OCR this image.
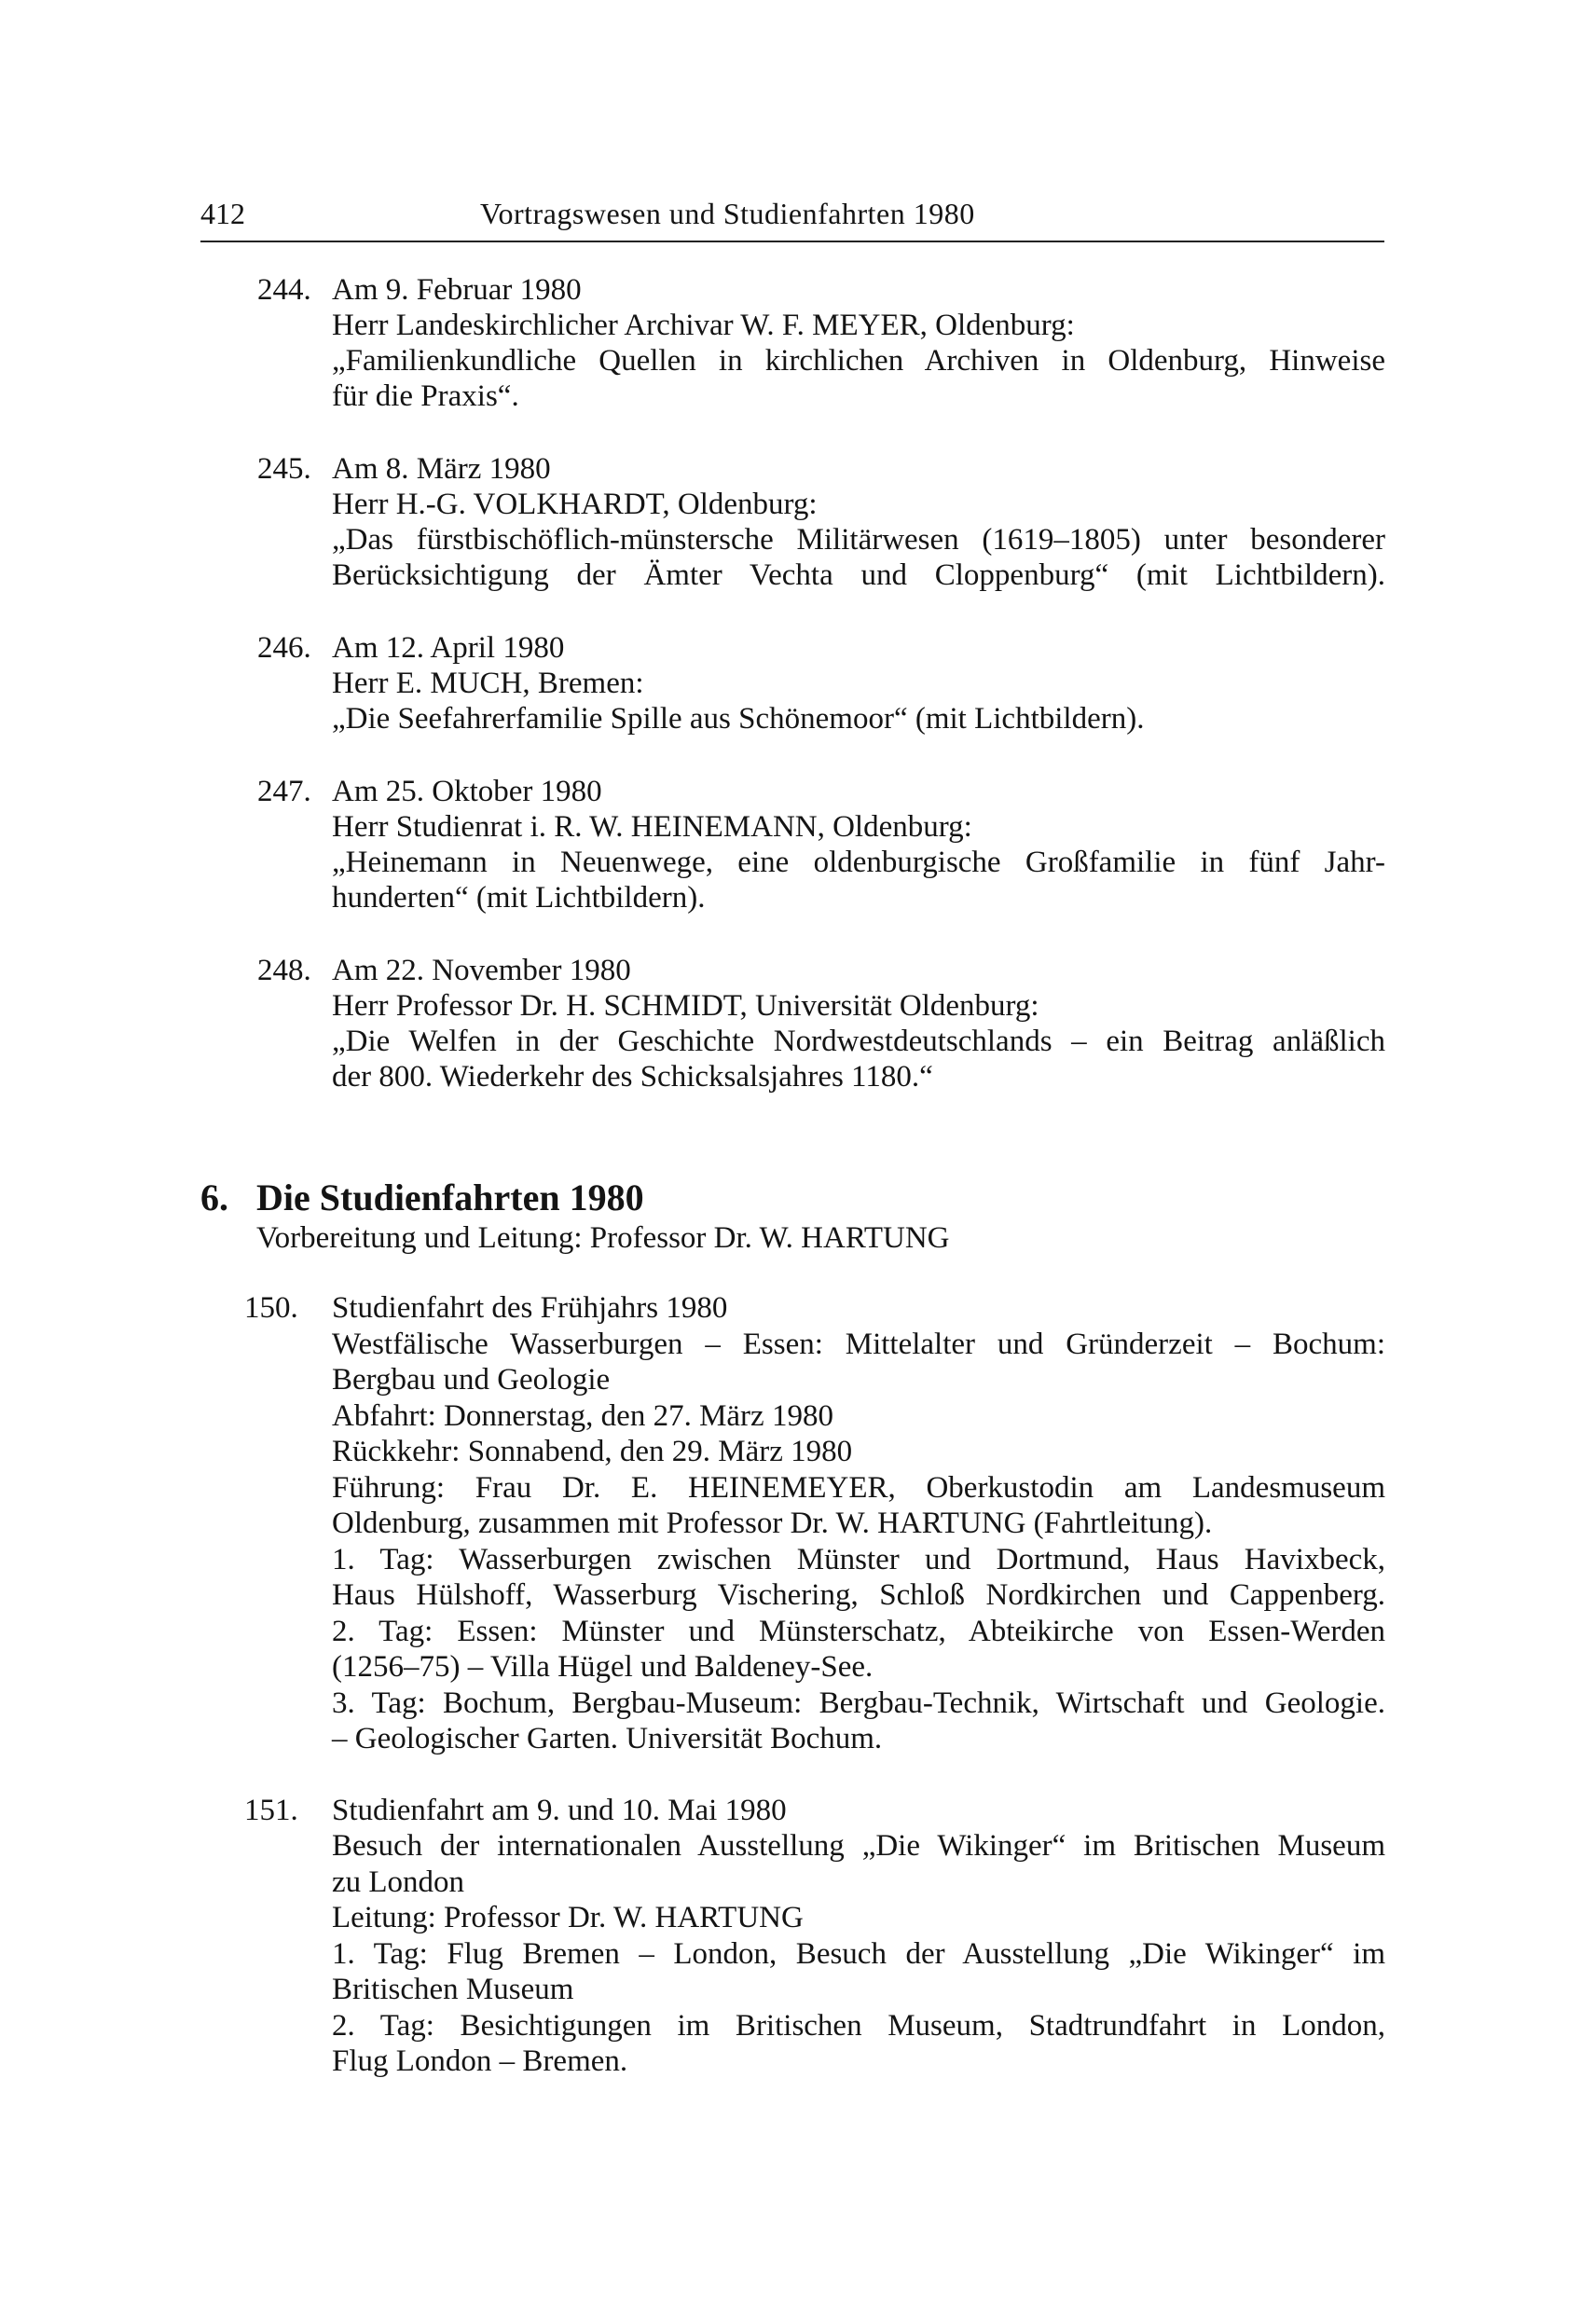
412	Vortragswesen und Studienfahrten 1980
244. Am 9. Februar 1980
Herr Landeskirchlicher Archivar W. F. MEYER, Oldenburg:
„Familienkundliche Quellen in kirchlichen Archiven in Oldenburg, Hinweise
für die Praxis“.
245. Am 8. März 1980
Herr H.-G. VOLKHARDT, Oldenburg:
„Das fürstbischöflich-münstersche Militärwesen (1619–1805) unter besonderer
Berücksichtigung der Ämter Vechta und Cloppenburg“ (mit Lichtbildern).
246. Am 12. April 1980
Herr E. MUCH, Bremen:
„Die Seefahrerfamilie Spille aus Schönemoor“ (mit Lichtbildern).
247. Am 25. Oktober 1980
Herr Studienrat i. R. W. HEINEMANN, Oldenburg:
„Heinemann in Neuenwege, eine oldenburgische Großfamilie in fünf Jahr-
hunderten“ (mit Lichtbildern).
248. Am 22. November 1980
Herr Professor Dr. H. SCHMIDT, Universität Oldenburg:
„Die Welfen in der Geschichte Nordwestdeutschlands – ein Beitrag anläßlich
der 800. Wiederkehr des Schicksalsjahres 1180.“
6. Die Studienfahrten 1980
Vorbereitung und Leitung: Professor Dr. W. HARTUNG
150. Studienfahrt des Frühjahrs 1980
Westfälische Wasserburgen – Essen: Mittelalter und Gründerzeit – Bochum:
Bergbau und Geologie
Abfahrt: Donnerstag, den 27. März 1980
Rückkehr: Sonnabend, den 29. März 1980
Führung: Frau Dr. E. HEINEMEYER, Oberkustodin am Landesmuseum
Oldenburg, zusammen mit Professor Dr. W. HARTUNG (Fahrtleitung).
1. Tag: Wasserburgen zwischen Münster und Dortmund, Haus Havixbeck,
Haus Hülshoff, Wasserburg Vischering, Schloß Nordkirchen und Cappenberg.
2. Tag: Essen: Münster und Münsterschatz, Abteikirche von Essen-Werden
(1256–75) – Villa Hügel und Baldeney-See.
3. Tag: Bochum, Bergbau-Museum: Bergbau-Technik, Wirtschaft und Geologie.
– Geologischer Garten. Universität Bochum.
151. Studienfahrt am 9. und 10. Mai 1980
Besuch der internationalen Ausstellung „Die Wikinger“ im Britischen Museum
zu London
Leitung: Professor Dr. W. HARTUNG
1. Tag: Flug Bremen – London, Besuch der Ausstellung „Die Wikinger“ im
Britischen Museum
2. Tag: Besichtigungen im Britischen Museum, Stadtrundfahrt in London,
Flug London – Bremen.
